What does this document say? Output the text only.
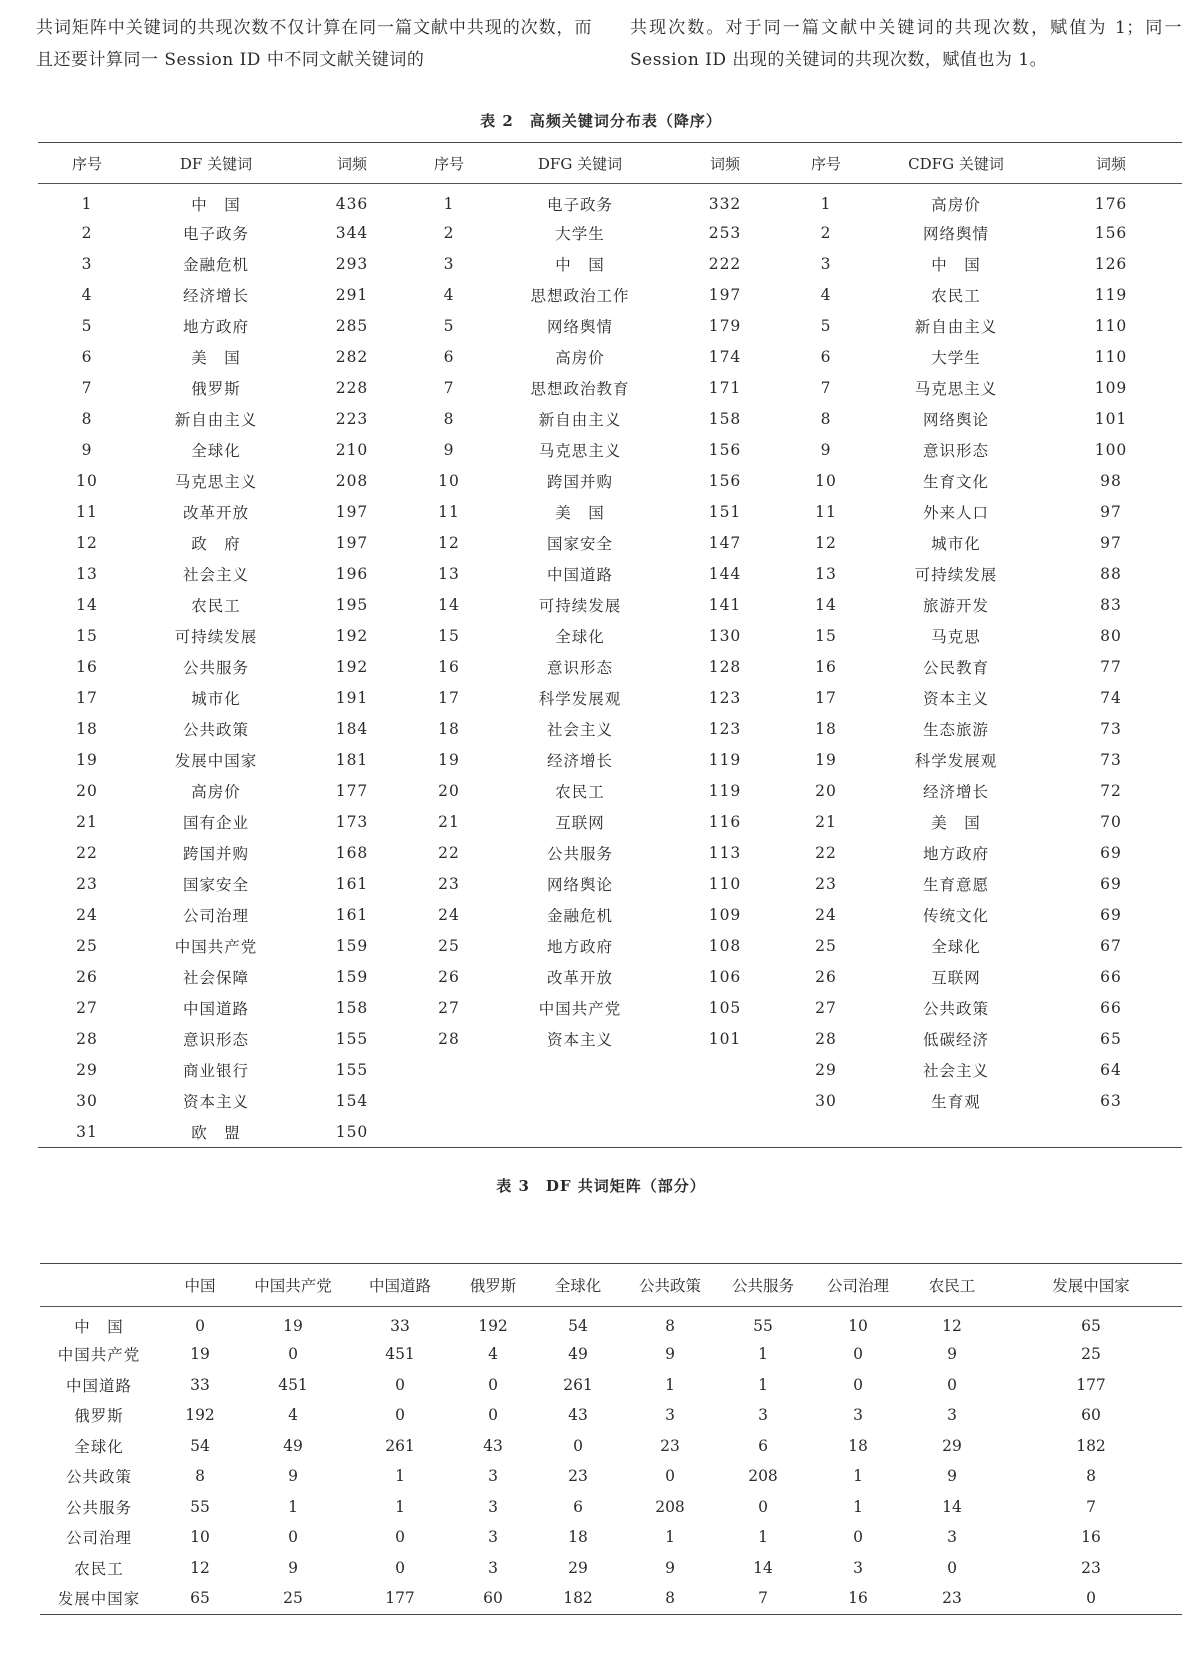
共词矩阵中关键词的共现次数不仅计算在同一篇文献中共现的次数，而且还要计算同一 Session ID 中不同文献关键词的
共现次数。对于同一篇文献中关键词的共现次数，赋值为 1；同一 Session ID 出现的关键词的共现次数，赋值也为 1。
表 2　高频关键词分布表（降序）
序号	DF 关键词	词频	序号	DFG 关键词	词频	序号	CDFG 关键词	词频
1	中　国	436	1	电子政务	332	1	高房价	176
2	电子政务	344	2	大学生	253	2	网络舆情	156
3	金融危机	293	3	中　国	222	3	中　国	126
4	经济增长	291	4	思想政治工作	197	4	农民工	119
5	地方政府	285	5	网络舆情	179	5	新自由主义	110
6	美　国	282	6	高房价	174	6	大学生	110
7	俄罗斯	228	7	思想政治教育	171	7	马克思主义	109
8	新自由主义	223	8	新自由主义	158	8	网络舆论	101
9	全球化	210	9	马克思主义	156	9	意识形态	100
10	马克思主义	208	10	跨国并购	156	10	生育文化	98
11	改革开放	197	11	美　国	151	11	外来人口	97
12	政　府	197	12	国家安全	147	12	城市化	97
13	社会主义	196	13	中国道路	144	13	可持续发展	88
14	农民工	195	14	可持续发展	141	14	旅游开发	83
15	可持续发展	192	15	全球化	130	15	马克思	80
16	公共服务	192	16	意识形态	128	16	公民教育	77
17	城市化	191	17	科学发展观	123	17	资本主义	74
18	公共政策	184	18	社会主义	123	18	生态旅游	73
19	发展中国家	181	19	经济增长	119	19	科学发展观	73
20	高房价	177	20	农民工	119	20	经济增长	72
21	国有企业	173	21	互联网	116	21	美　国	70
22	跨国并购	168	22	公共服务	113	22	地方政府	69
23	国家安全	161	23	网络舆论	110	23	生育意愿	69
24	公司治理	161	24	金融危机	109	24	传统文化	69
25	中国共产党	159	25	地方政府	108	25	全球化	67
26	社会保障	159	26	改革开放	106	26	互联网	66
27	中国道路	158	27	中国共产党	105	27	公共政策	66
28	意识形态	155	28	资本主义	101	28	低碳经济	65
29	商业银行	155				29	社会主义	64
30	资本主义	154				30	生育观	63
31	欧　盟	150						
表 3　DF 共词矩阵（部分）
	中国	中国共产党	中国道路	俄罗斯	全球化	公共政策	公共服务	公司治理	农民工	发展中国家
中　国	0	19	33	192	54	8	55	10	12	65
中国共产党	19	0	451	4	49	9	1	0	9	25
中国道路	33	451	0	0	261	1	1	0	0	177
俄罗斯	192	4	0	0	43	3	3	3	3	60
全球化	54	49	261	43	0	23	6	18	29	182
公共政策	8	9	1	3	23	0	208	1	9	8
公共服务	55	1	1	3	6	208	0	1	14	7
公司治理	10	0	0	3	18	1	1	0	3	16
农民工	12	9	0	3	29	9	14	3	0	23
发展中国家	65	25	177	60	182	8	7	16	23	0
